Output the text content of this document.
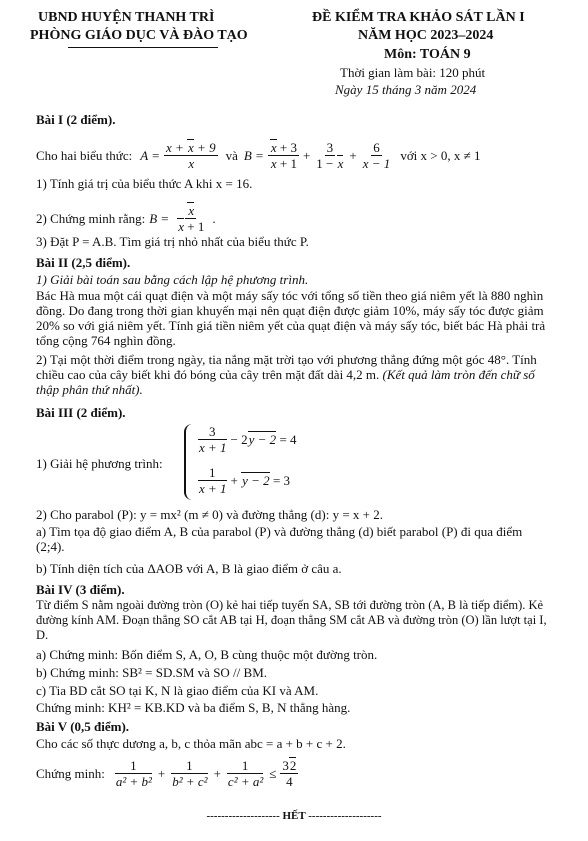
UBND HUYỆN THANH TRÌ
PHÒNG GIÁO DỤC VÀ ĐÀO TẠO
ĐỀ KIỂM TRA KHẢO SÁT LẦN I
NĂM HỌC 2023–2024
Môn: TOÁN 9
Thời gian làm bài: 120 phút
Ngày 15 tháng 3 năm 2024
Bài I (2 điểm).
Cho hai biểu thức: $A = \frac{x + x + 9}{x}$ và $B = \frac{x + 3}{x + 1} + \frac{3}{1 - x} + \frac{6}{x - 1}$ với x > 0, x ≠ 1
1) Tính giá trị của biểu thức A khi x = 16.
2) Chứng minh rằng: $B = \frac{x}{x + 1}$ .
3) Đặt P = A.B. Tìm giá trị nhỏ nhất của biểu thức P.
Bài II (2,5 điểm).
1) Giải bài toán sau bằng cách lập hệ phương trình.
Bác Hà mua một cái quạt điện và một máy sấy tóc với tổng số tiền theo giá niêm yết là 880 nghìn đồng. Do đang trong thời gian khuyến mại nên quạt điện được giảm 10%, máy sấy tóc được giảm 20% so với giá niêm yết. Tính giá tiền niêm yết của quạt điện và máy sấy tóc, biết bác Hà phải trả tổng cộng 764 nghìn đồng.
2) Tại một thời điểm trong ngày, tia nắng mặt trời tạo với phương thẳng đứng một góc 48°. Tính chiều cao của cây biết khi đó bóng của cây trên mặt đất dài 4,2 m. (Kết quả làm tròn đến chữ số thập phân thứ nhất).
Bài III (2 điểm).
1) Giải hệ phương trình:
$\frac{3}{x + 1} - 2y - 2 = 4$
$\frac{1}{x + 1} + y - 2 = 3$
2) Cho parabol (P): y = mx² (m ≠ 0) và đường thẳng (d): y = x + 2.
a) Tìm tọa độ giao điểm A, B của parabol (P) và đường thẳng (d) biết parabol (P) đi qua điểm (2;4).
b) Tính diện tích của ΔAOB với A, B là giao điểm ở câu a.
Bài IV (3 điểm).
Từ điểm S nằm ngoài đường tròn (O) kẻ hai tiếp tuyến SA, SB tới đường tròn (A, B là tiếp điểm). Kẻ đường kính AM. Đoạn thẳng SO cắt AB tại H, đoạn thẳng SM cắt AB và đường tròn (O) lần lượt tại I, D.
a) Chứng minh: Bốn điểm S, A, O, B cùng thuộc một đường tròn.
b) Chứng minh: SB² = SD.SM và SO // BM.
c) Tia BD cắt SO tại K, N là giao điểm của KI và AM.
Chứng minh: KH² = KB.KD và ba điểm S, B, N thẳng hàng.
Bài V (0,5 điểm).
Cho các số thực dương a, b, c thỏa mãn abc = a + b + c + 2.
Chứng minh: $\frac{1}{\text{a² + b²}} + \frac{1}{\text{b² + c²}} + \frac{1}{\text{c² + a²}} \le \frac{32}{4}$
-------------------- HẾT --------------------
